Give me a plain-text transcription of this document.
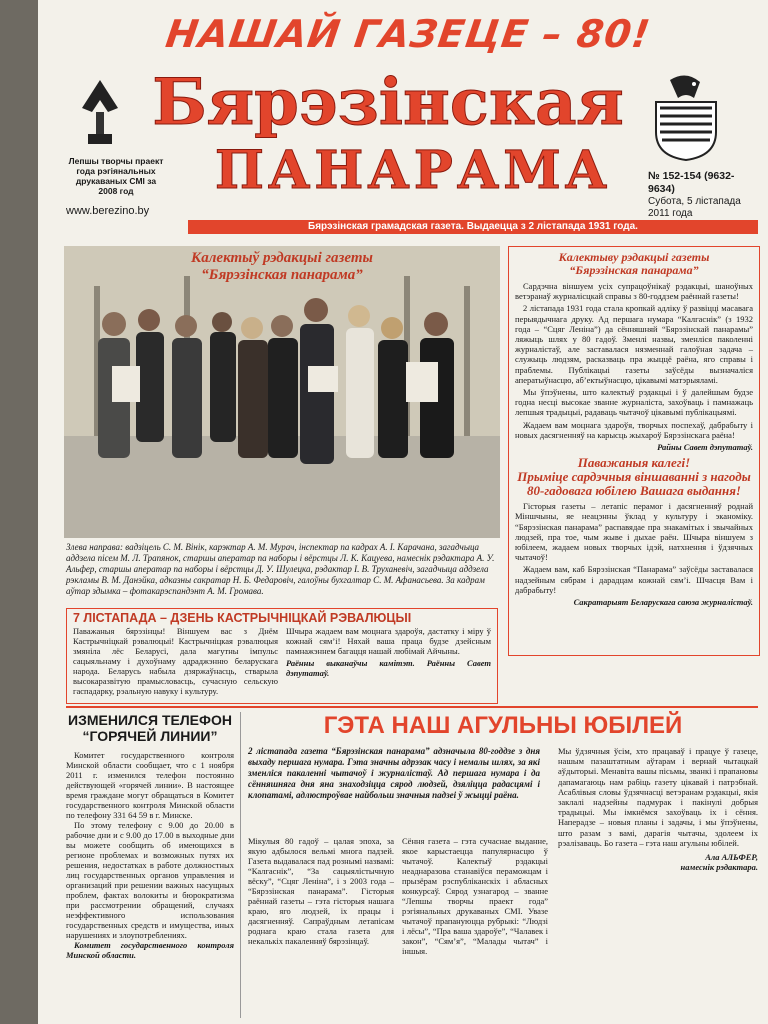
НАШАЙ ГАЗЕЦЕ – 80!
Лепшы творчы праект года рэгіянальных друкаваных СМІ за 2008 год
Бярэзінская
ПАНАРАМА	№ 152-154 (9632-9634)
Субота, 5 лістапада 2011 года
www.berezino.by
Бярэзінская грамадская газета. Выдаецца з 2 лістапада 1931 года.
Калектыў рэдакцыі газеты
“Бярэзінская панарама”
Злева направа: вадзіцель С. М. Вінік, карэктар А. М. Мурач, інспектар па кадрах А. І. Карачана, загадчыца аддзела пісем М. Л. Трапянок, старшы аператар па наборы і вёрстцы Л. К. Кацуева, намеснік рэдактара А. У. Альфер, старшы аператар па наборы і вёрстцы Д. У. Шулецка, рэдактар І. В. Труханевіч, загадчыца аддзела рэкламы В. М. Данэйка, адказны сакратар Н. Б. Федаровіч, галоўны бухгалтар С. М. Афанасьева. За кадрам аўтар здымка – фотакарэспандэнт А. М. Громава.
Калектыву рэдакцыі газеты
“Бярэзінская панарама”

Сардэчна віншуем усіх супрацоўнікаў рэдакцыі, шаноўных ветэранаў журналісцкай справы з 80-годдзем раённай газеты!

2 лістапада 1931 года стала кропкай адліку ў развіцці масавага перыядычнага друку. Ад першага нумара “Калгаснік” (з 1932 года – “Сцяг Леніна”) да сённяшняй “Бярэзінскай панарамы” ляжыць шлях у 80 гадоў. Зменлі назвы, зменліся паколенні журналістаў, але заставалася нязменнай галоўная задача – служыць людзям, расказваць пра жыццё раёна, яго справы і праблемы. Публікацыі газеты заўсёды вызначаліся аператыўнасцю, аб’ектыўнасцю, цікавымі матэрыяламі.

Мы ўпэўнены, што калектыў рэдакцыі і ў далейшым будзе годна несці высокае званне журналіста, захоўваць і памнажаць лепшыя традыцыі, радаваць чытачоў цікавымі публікацыямі.

Жадаем вам моцнага здароўя, творчых поспехаў, дабрабыту і новых дасягненняў на карысць жыхароў Бярэзінскага раёна!

Райны Савет дэпутатаў.
Паважаныя калегі!
Прыміце сардэчныя віншаванні з нагоды 80-гадовага юбілею Вашага выдання!

Гісторыя газеты – летапіс перамог і дасягненняў роднай Міншчыны, яе неацэнны ўклад у культуру і эканоміку. “Бярэзінская панарама” распавядае пра знакамітых і звычайных людзей, пра тое, чым жыве і дыхае раён. Шчыра віншуем з юбілеем, жадаем новых творчых ідэй, натхнення і ўдзячных чытачоў!

Жадаем вам, каб Бярэзінская “Панарама” заўсёды заставалася надзейным сябрам і дарадцам кожнай сям’і. Шчасця Вам і дабрабыту!

Сакратарыят Беларускага саюза журналістаў.
7 ЛІСТАПАДА – ДЗЕНЬ КАСТРЫЧНІЦКАЙ РЭВАЛЮЦЫІ
Паважаныя бярэзінцы! Віншуем вас з Днём Кастрычніцкай рэвалюцыі! Кастрычніцкая рэвалюцыя змяніла лёс Беларусі, дала магутны імпульс сацыяльнаму і духоўнаму адраджэнню беларускага народа. Беларусь набыла дзяржаўнасць, стварыла высокаразвітую прамысловасць, сучасную сельскую гаспадарку, рэальную навуку і культуру.
Шчыра жадаем вам моцнага здароўя, дастатку і міру ў кожнай сям’і! Няхай ваша праца будзе дзейсным памнажэннем багацця нашай любімай Айчыны.
Раённы выканаўчы камітэт. Раённы Савет дэпутатаў.
ИЗМЕНИЛСЯ ТЕЛЕФОН “ГОРЯЧЕЙ ЛИНИИ”

Комитет государственного контроля Минской области сообщает, что с 1 ноября 2011 г. изменился телефон постоянно действующей «горячей линии». В настоящее время граждане могут обращаться в Комитет государственного контроля Минской области по телефону 331 64 59 в г. Минске.

По этому телефону с 9.00 до 20.00 в рабочие дни и с 9.00 до 17.00 в выходные дни вы можете сообщить об имеющихся в регионе проблемах и возможных путях их решения, недостатках в работе должностных лиц государственных органов управления и организаций при решении важных насущных проблем, фактах волокиты и бюрократизма при рассмотрении обращений, случаях неэффективного использования государственных средств и имущества, иных нарушениях и злоупотреблениях.

Комитет государственного контроля Минской области.

ГЭТА НАШ АГУЛЬНЫ ЮБІЛЕЙ
2 лістапада газета “Бярэзінская панарама” адзначыла 80-годдзе з дня выхаду першага нумара. Гэта значны адрэзак часу і немалы шлях, за які зменліся пакаленні чытачоў і журналістаў. Ад першага нумара і да сённяшняга дня яна знаходзіцца сярод людзей, дзяліцца радасцямі і клопатамі, адлюстроўвае найбольш значныя падзеі ў жыцці раёна.
Мікулыя 80 гадоў – цалая эпоха, за якую адбылося вельмі многа падзей. Газета выдавалася пад рознымі назвамі: “Калгаснік”, “За сацыялістычную вёску”, “Сцяг Леніна”, і з 2003 года – “Бярэзінская панарама”. Гісторыя раённай газеты – гэта гісторыя нашага краю, яго людзей, іх працы і дасягненняў. Сапраўдным летапісам роднага краю стала газета для некалькіх пакаленняў бярэзінцаў.
Сёння газета – гэта сучаснае выданне, якое карыстаецца папулярнасцю ў чытачоў. Калектыў рэдакцыі неаднаразова станавіўся пераможцам і прызёрам рэспубліканскіх і абласных конкурсаў. Сярод узнагарод – званне “Лепшы творчы праект года” рэгіянальных друкаваных СМІ. Увазе чытачоў прапануюцца рубрыкі: “Людзі і лёсы”, “Пра ваша здароўе”, “Чалавек і закон”, “Сям’я”, “Малады чытач” і іншыя.
Мы ўдзячныя ўсім, хто працаваў і працуе ў газеце, нашым пазаштатным аўтарам і вернай чытацкай аўдыторыі. Менавіта вашы пісьмы, званкі і прапановы дапамагаюць нам рабіць газету цікавай і патрэбнай. Асаблівыя словы ўдзячнасці ветэранам рэдакцыі, якія заклалі надзейны падмурак і пакінулі добрыя традыцыі. Мы імкнёмся захоўваць іх і сёння. Наперадзе – новыя планы і задачы, і мы ўпэўнены, што разам з вамі, дарагія чытачы, здолеем іх рэалізаваць. Бо газета – гэта наш агульны юбілей.
Ала АЛЬФЕР,
намеснік рэдактара.
